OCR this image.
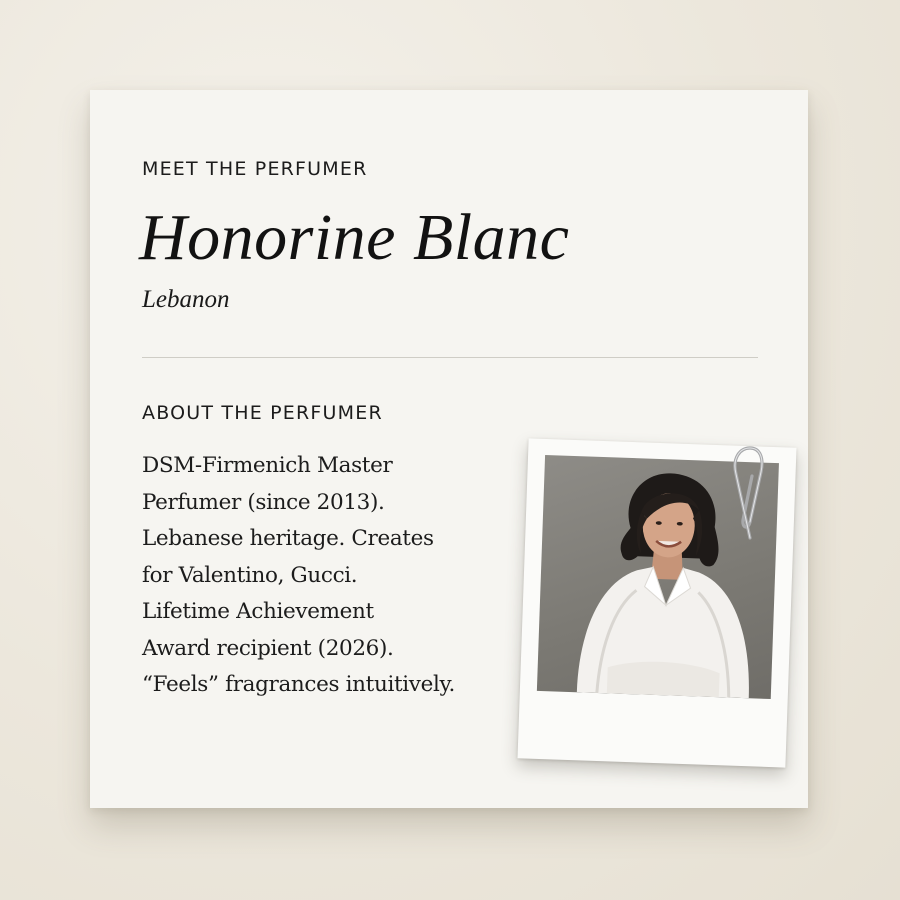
MEET THE PERFUMER

Honorine Blanc
Lebanon

ABOUT THE PERFUMER

DSM-Firmenich Master
Perfumer (since 2013).
Lebanese heritage. Creates
for Valentino, Gucci.
Lifetime Achievement
Award recipient (2026).
“Feels” fragrances intuitively.
